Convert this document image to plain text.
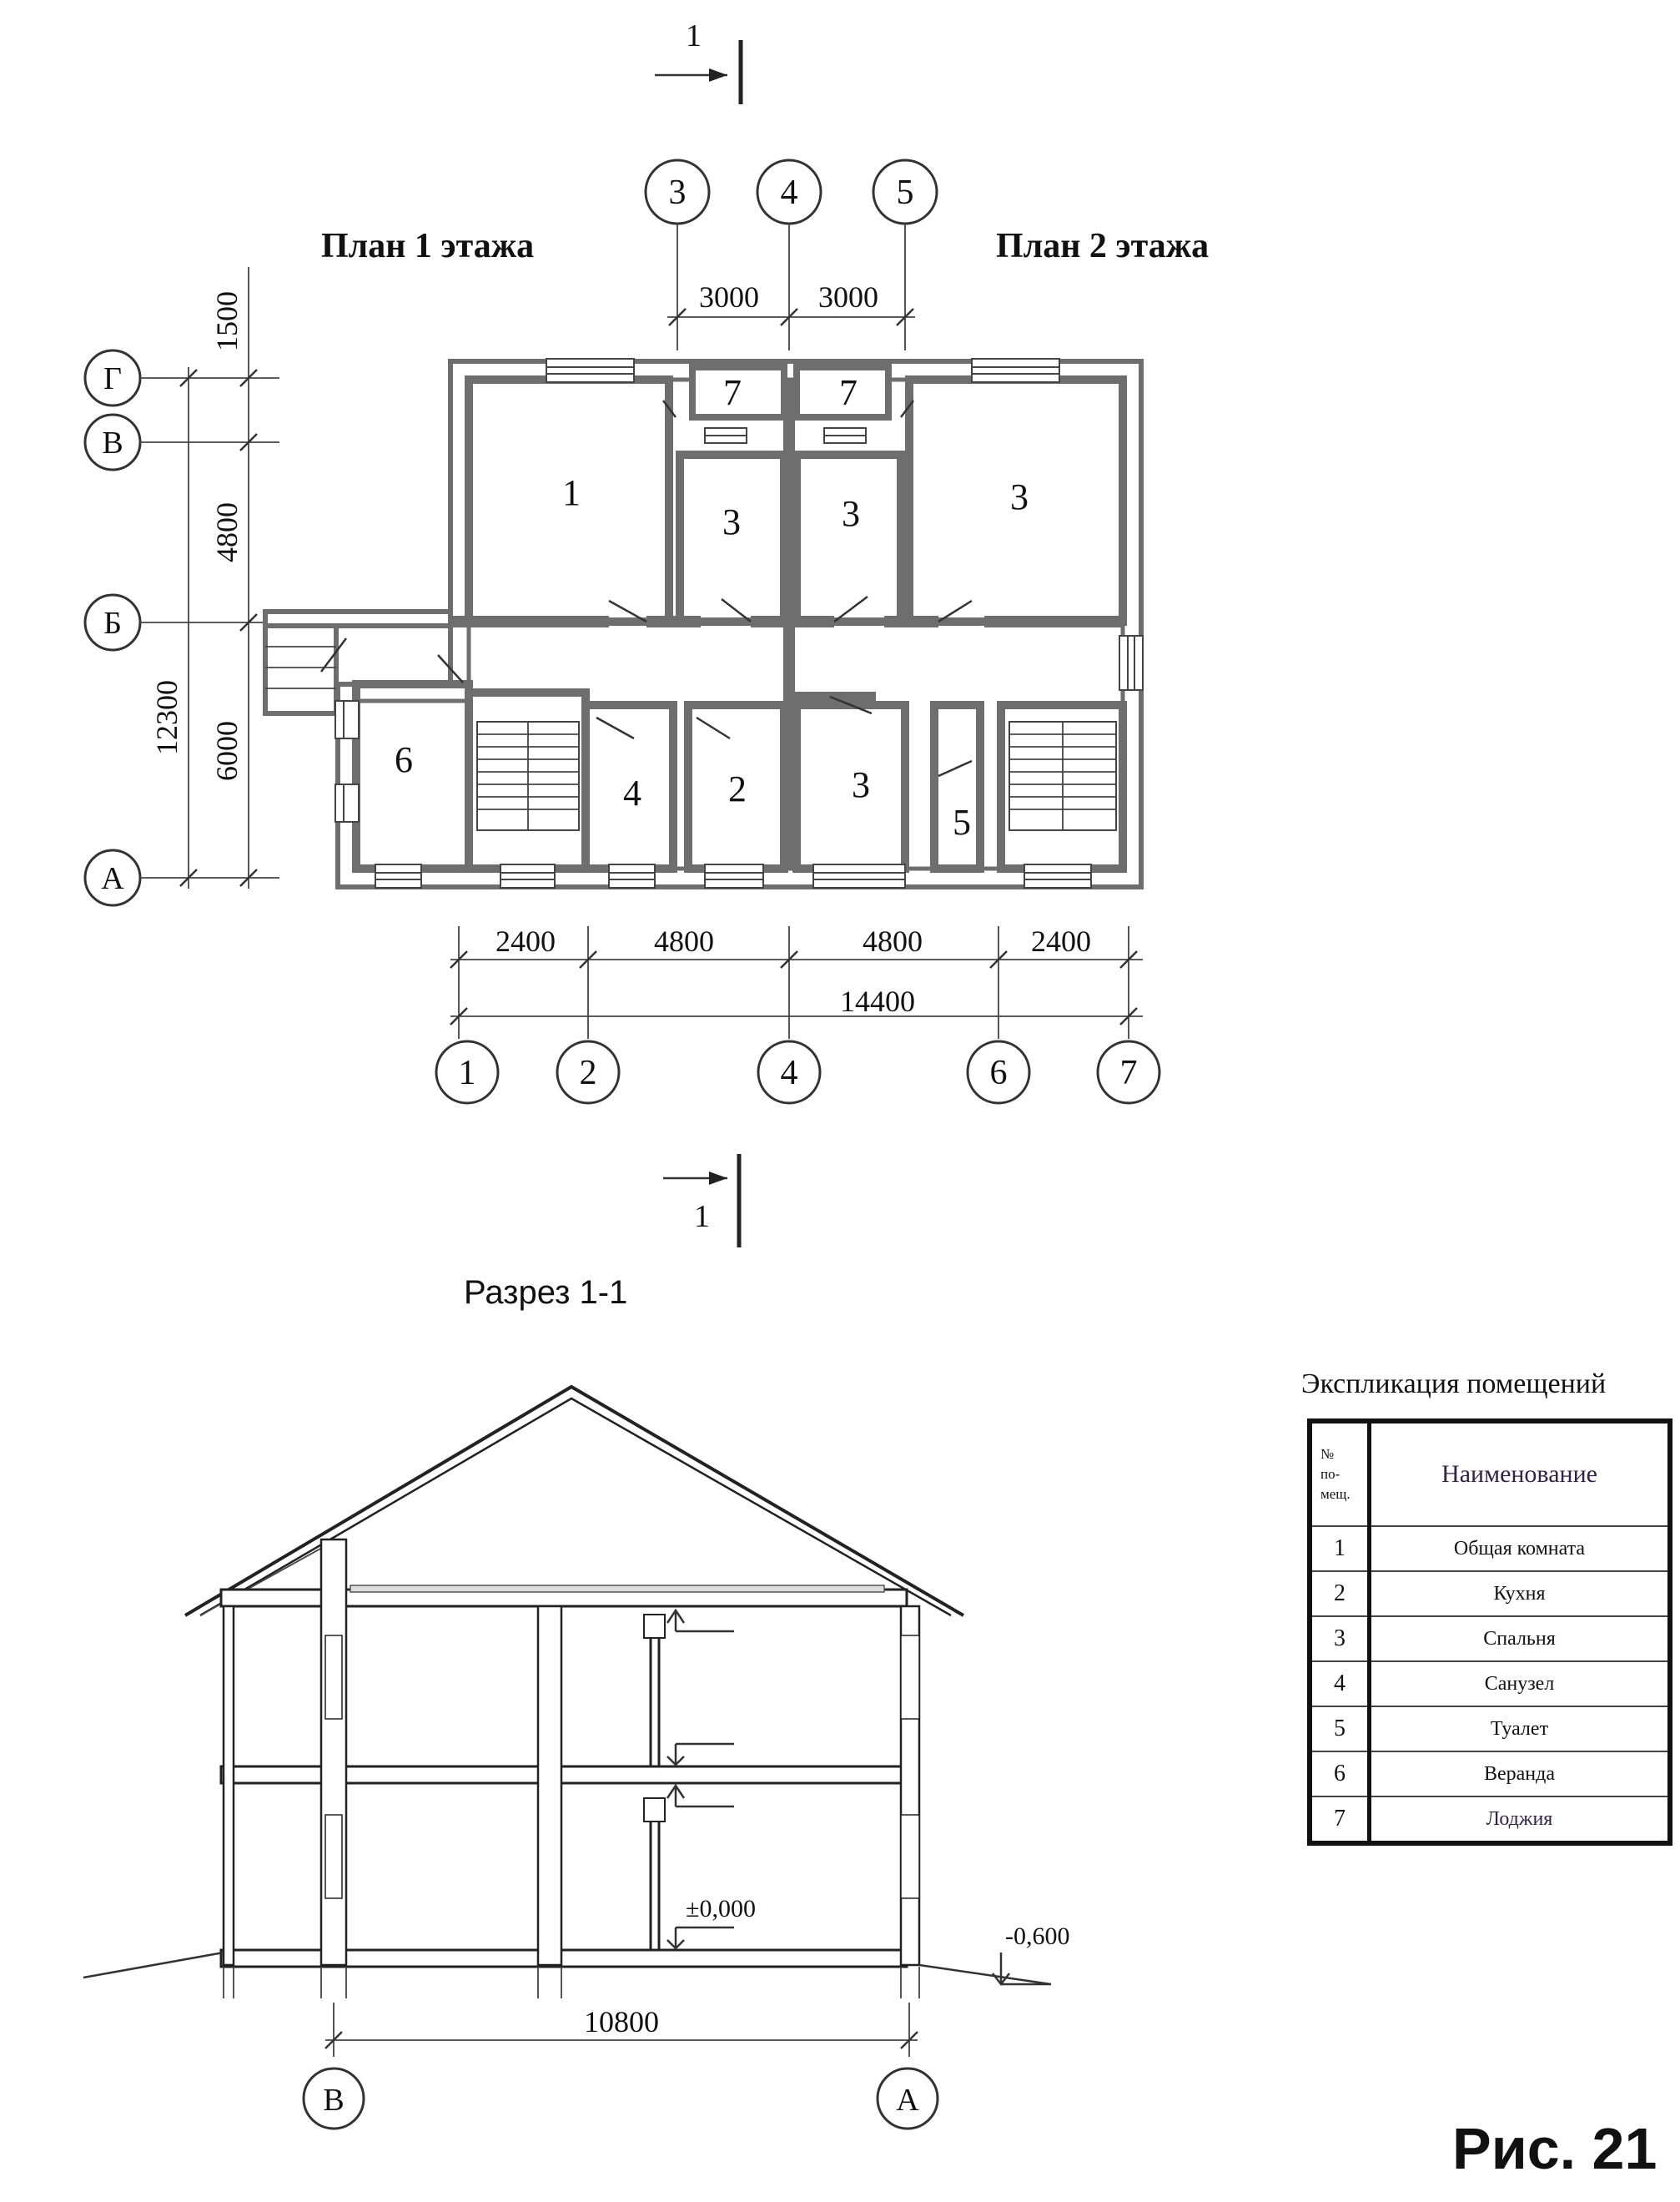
1
План 1 этажа	План 2 этажа
3	4	5
3000 3000
Г
В
Б
А
1500
4800
6000
12300
7	7
1
3	3	3
6
4 2	3
5
2400	4800	4800	2400
14400
1	2	4	6	7
1
±0,000
-0,600
10800
В	А
Разрез 1-1
Экспликация помещений
№
по-
мещ.	Наименование
1	Общая комната
2	Кухня
3	Спальня
4	Санузел
5	Туалет
6	Веранда
7	Лоджия
Рис. 21
